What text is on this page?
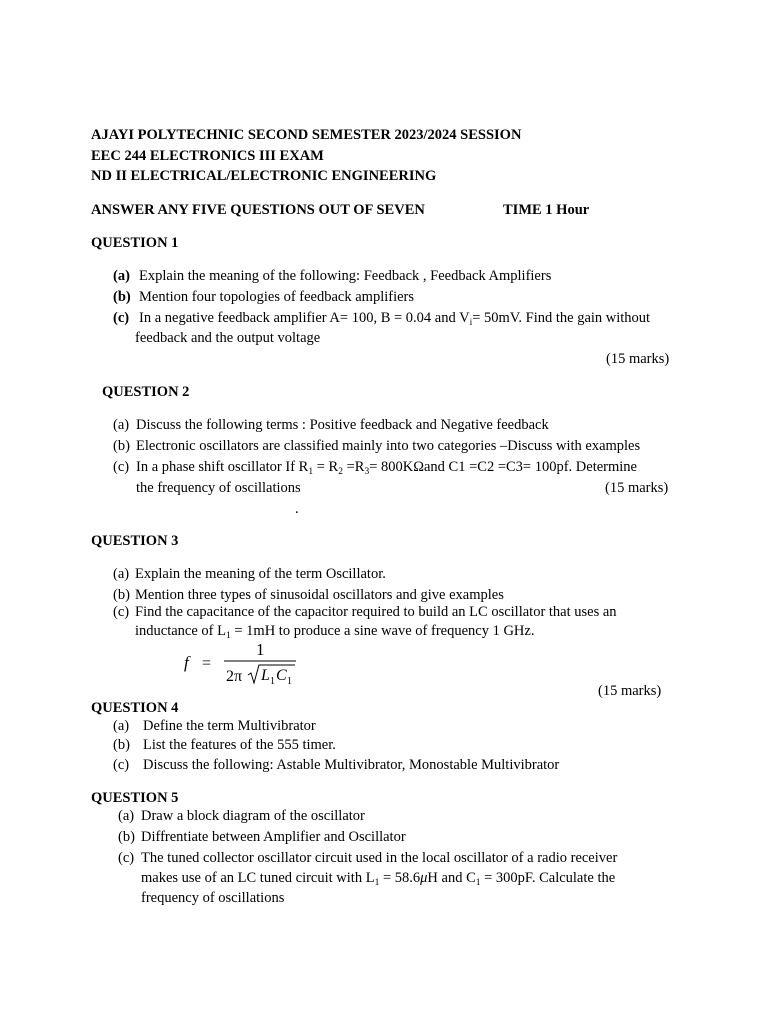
AJAYI POLYTECHNIC SECOND SEMESTER 2023/2024 SESSION
EEC 244 ELECTRONICS III EXAM
ND II ELECTRICAL/ELECTRONIC ENGINEERING
ANSWER ANY FIVE QUESTIONS OUT OF SEVEN	TIME 1 Hour
QUESTION 1
(a) Explain the meaning of the following: Feedback , Feedback Amplifiers
(b) Mention four topologies of feedback amplifiers
(c) In a negative feedback amplifier A= 100, B = 0.04 and $V_i= 50mV$. Find the gain without
feedback and the output voltage
(15 marks)
QUESTION 2
(a) Discuss the following terms : Positive feedback and Negative feedback
(b) Electronic oscillators are classified mainly into two categories –Discuss with examples
(c) In a phase shift oscillator If $R_1 = R_2 =R_3= 800K\Omega and$ C1 =C2 =C3= 100pf. Determine
the frequency of oscillations	(15 marks)
.
QUESTION 3
(a) Explain the meaning of the term Oscillator.
(b) Mention three types of sinusoidal oscillators and give examples
(c) Find the capacitance of the capacitor required to build an LC oscillator that uses an
inductance of $L_1 = 1mH$ to produce a sine wave of frequency 1 GHz.
f =
1
2π L 1 C 1
(15 marks)
QUESTION 4
(a) Define the term Multivibrator
(b) List the features of the 555 timer.
(c) Discuss the following: Astable Multivibrator, Monostable Multivibrator
QUESTION 5
(a) Draw a block diagram of the oscillator
(b) Diffrentiate between Amplifier and Oscillator
(c) The tuned collector oscillator circuit used in the local oscillator of a radio receiver
makes use of an LC tuned circuit with $L_1 = 58.6\mu H$ and $C_1 = 300pF$. Calculate the
frequency of oscillations
